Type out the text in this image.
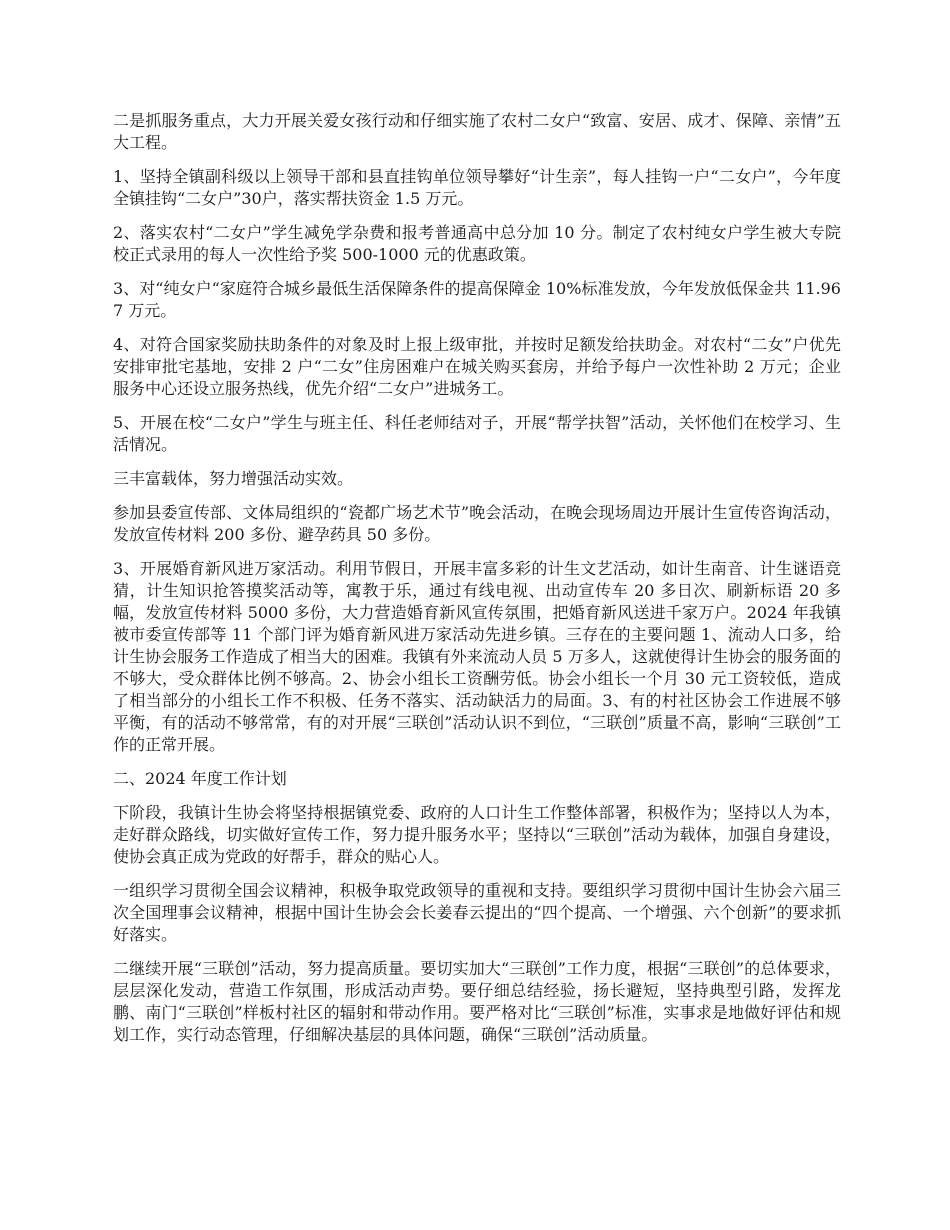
二是抓服务重点，大力开展关爱女孩行动和仔细实施了农村二女户“致富、安居、成才、保障、亲情”五大工程。

1、坚持全镇副科级以上领导干部和县直挂钩单位领导攀好“计生亲”，每人挂钩一户“二女户”，今年度全镇挂钩“二女户”30户，落实帮扶资金 1.5 万元。

2、落实农村“二女户”学生减免学杂费和报考普通高中总分加 10 分。制定了农村纯女户学生被大专院校正式录用的每人一次性给予奖 500-1000 元的优惠政策。

3、对“纯女户“家庭符合城乡最低生活保障条件的提高保障金 10%标准发放，今年发放低保金共 11.967 万元。

4、对符合国家奖励扶助条件的对象及时上报上级审批，并按时足额发给扶助金。对农村“二女”户优先安排审批宅基地，安排 2 户“二女”住房困难户在城关购买套房，并给予每户一次性补助 2 万元；企业服务中心还设立服务热线，优先介绍“二女户”进城务工。

5、开展在校“二女户”学生与班主任、科任老师结对子，开展“帮学扶智”活动，关怀他们在校学习、生活情况。

三丰富载体，努力增强活动实效。

参加县委宣传部、文体局组织的“瓷都广场艺术节”晚会活动，在晚会现场周边开展计生宣传咨询活动，发放宣传材料 200 多份、避孕药具 50 多份。

3、开展婚育新风进万家活动。利用节假日，开展丰富多彩的计生文艺活动，如计生南音、计生谜语竞猜，计生知识抢答摸奖活动等，寓教于乐，通过有线电视、出动宣传车 20 多日次、刷新标语 20 多幅，发放宣传材料 5000 多份，大力营造婚育新风宣传氛围，把婚育新风送进千家万户。2024 年我镇被市委宣传部等 11 个部门评为婚育新风进万家活动先进乡镇。三存在的主要问题 1、流动人口多，给计生协会服务工作造成了相当大的困难。我镇有外来流动人员 5 万多人，这就使得计生协会的服务面的不够大，受众群体比例不够高。2、协会小组长工资酬劳低。协会小组长一个月 30 元工资较低，造成了相当部分的小组长工作不积极、任务不落实、活动缺活力的局面。3、有的村社区协会工作进展不够平衡，有的活动不够常常，有的对开展“三联创”活动认识不到位，“三联创”质量不高，影响“三联创”工作的正常开展。

二、2024 年度工作计划

下阶段，我镇计生协会将坚持根据镇党委、政府的人口计生工作整体部署，积极作为；坚持以人为本，走好群众路线，切实做好宣传工作，努力提升服务水平；坚持以“三联创”活动为载体，加强自身建设，使协会真正成为党政的好帮手，群众的贴心人。

一组织学习贯彻全国会议精神，积极争取党政领导的重视和支持。要组织学习贯彻中国计生协会六届三次全国理事会议精神，根据中国计生协会会长姜春云提出的“四个提高、一个增强、六个创新”的要求抓好落实。

二继续开展“三联创”活动，努力提高质量。要切实加大“三联创”工作力度，根据“三联创”的总体要求，层层深化发动，营造工作氛围，形成活动声势。要仔细总结经验，扬长避短，坚持典型引路，发挥龙鹏、南门“三联创”样板村社区的辐射和带动作用。要严格对比“三联创”标准，实事求是地做好评估和规划工作，实行动态管理，仔细解决基层的具体问题，确保“三联创”活动质量。
